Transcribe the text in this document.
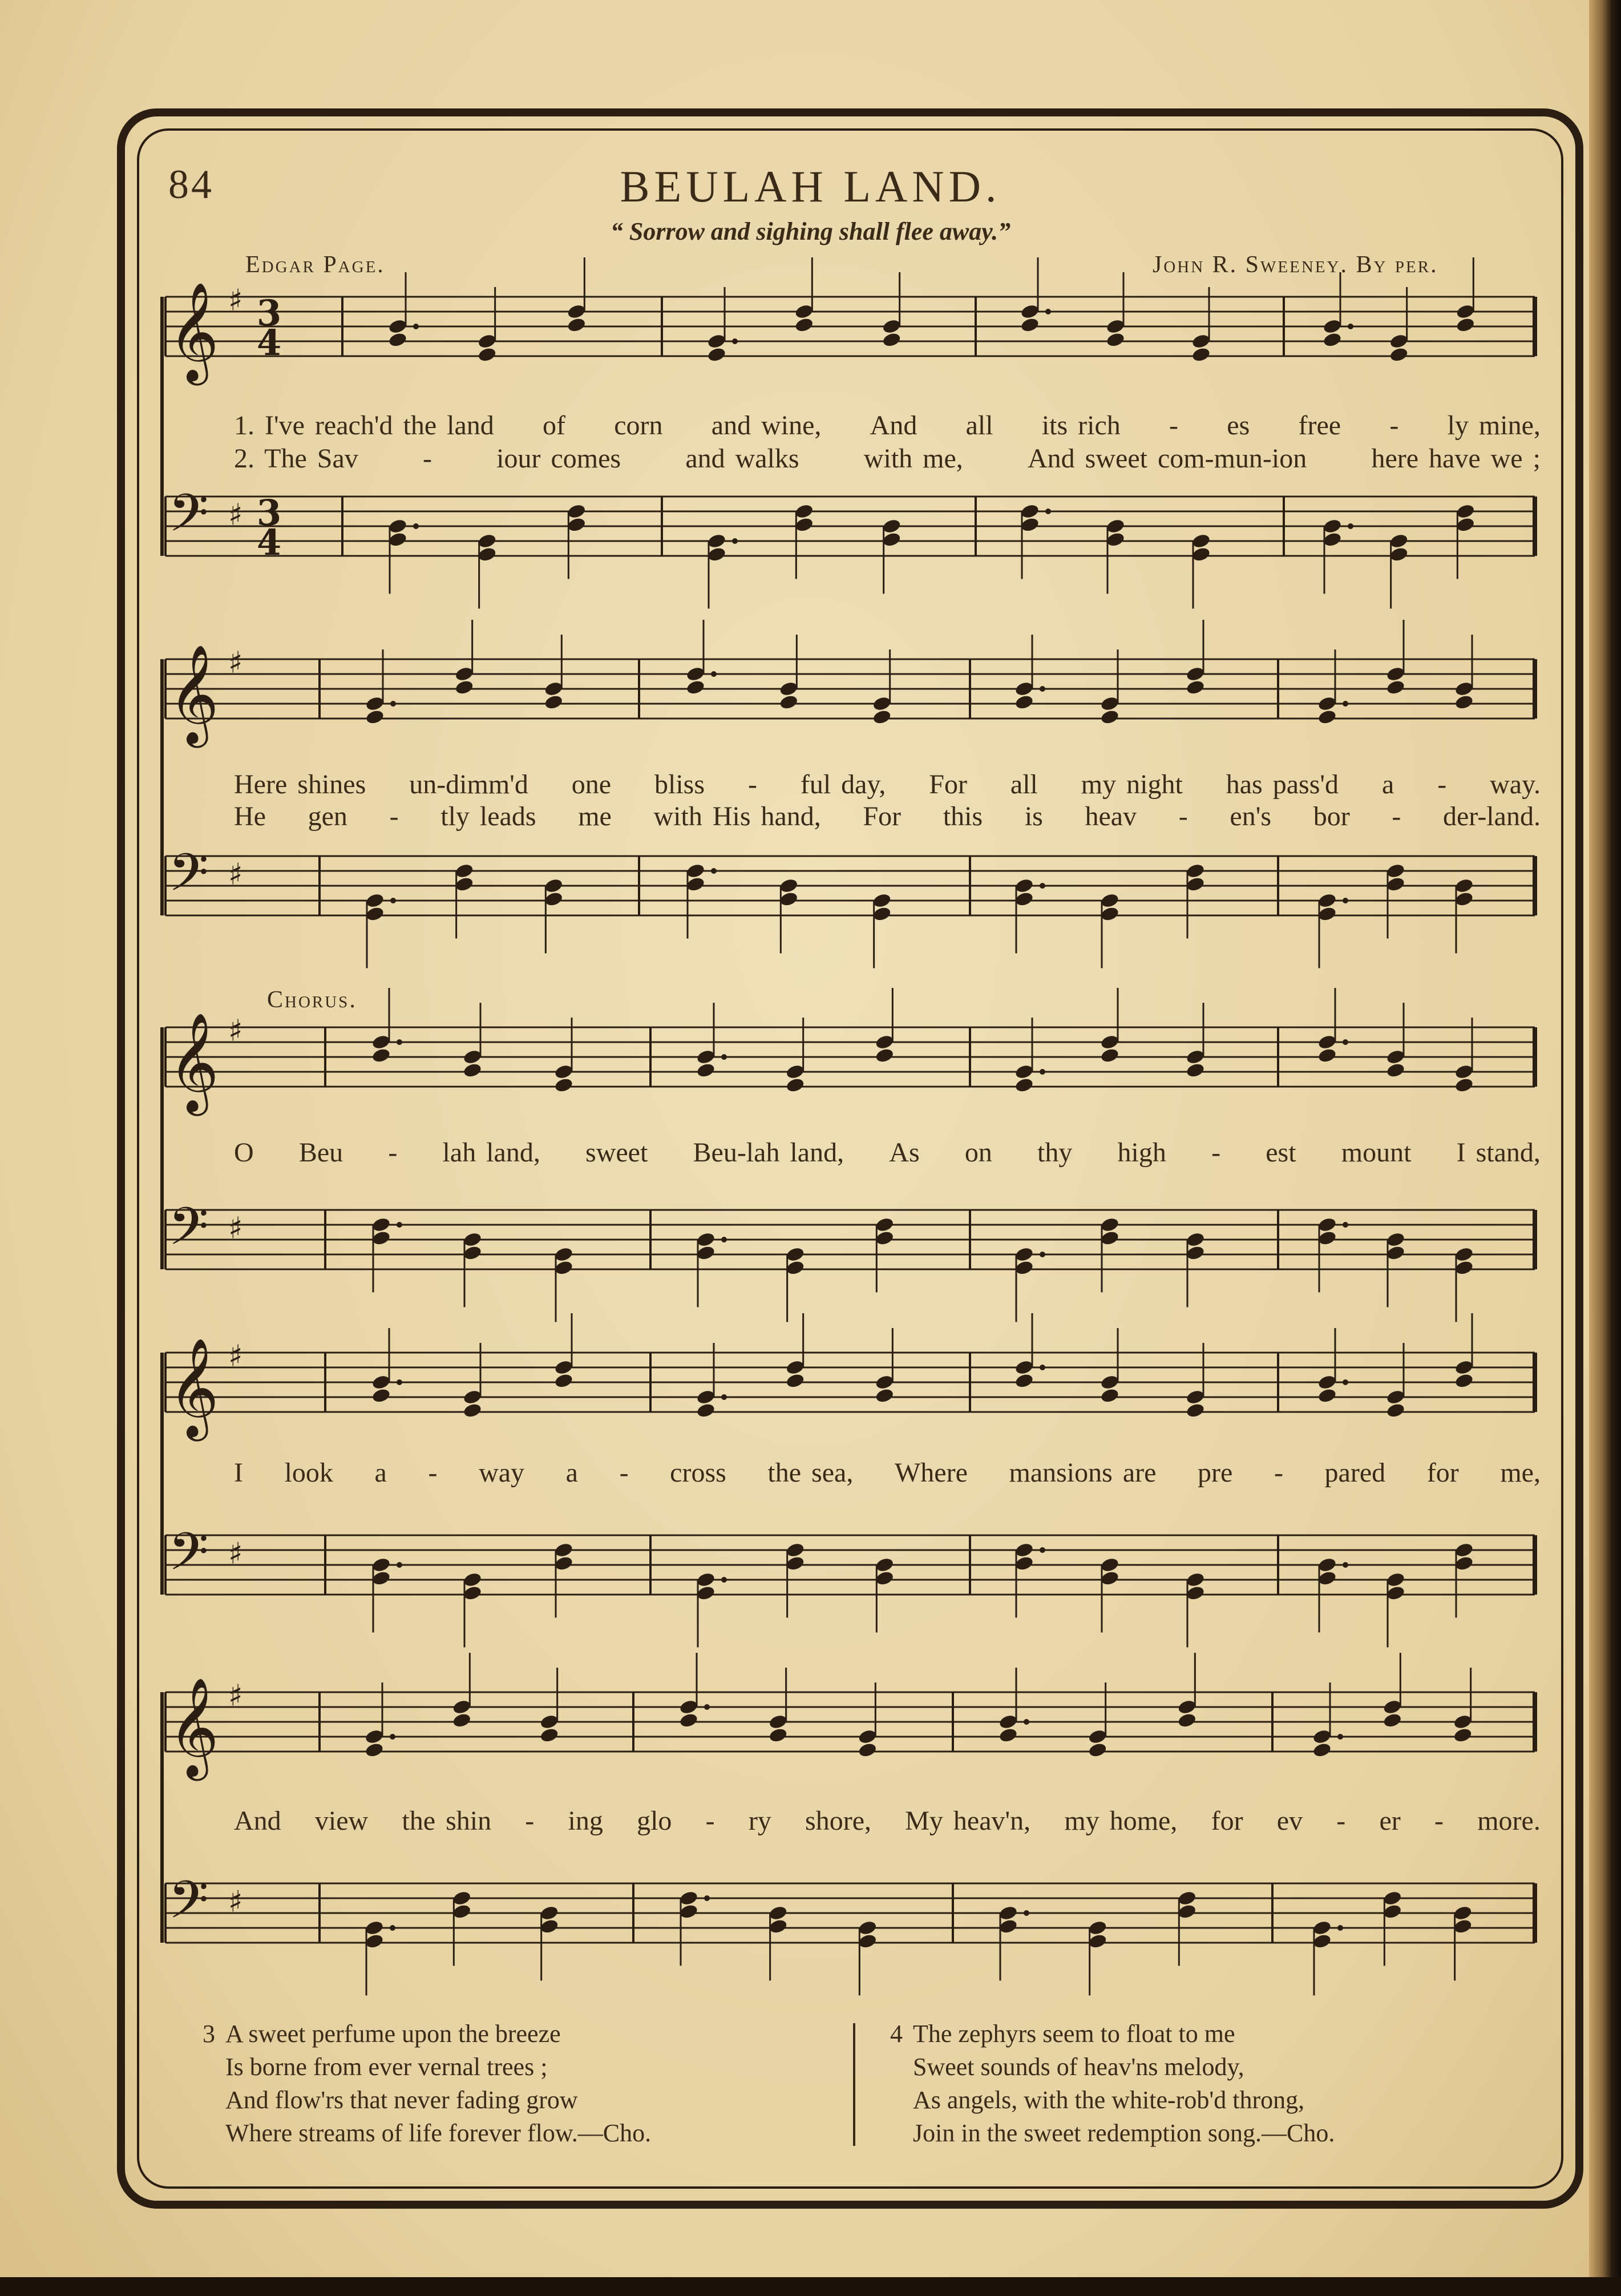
84	BEULAH LAND.
“ Sorrow and sighing shall flee away.”
Edgar Page.	John R. Sweeney. By per.
Chorus.
𝄞 ♯ 3
4
𝄢 ♯ 3
4
𝄞 ♯
𝄢 ♯
𝄞 ♯
𝄢 ♯
𝄞 ♯
𝄢 ♯
𝄞 ♯
𝄢 ♯
1. I've reach'd the land of corn and wine, And all its rich - es free - ly mine,
2. The Sav - iour comes and walks with me, And sweet com-mun-ion here have we ;
Here shines un-dimm'd one bliss - ful day, For all my night has pass'd a - way.
He gen - tly leads me with His hand, For this is heav - en's bor - der-land.
O Beu - lah land, sweet Beu-lah land, As on thy high - est mount I stand,
I look a - way a - cross the sea, Where mansions are pre - pared for me,
And view the shin - ing glo - ry shore, My heav'n, my home, for ev - er - more.
3 A sweet perfume upon the breeze
Is borne from ever vernal trees ;
And flow'rs that never fading grow
Where streams of life forever flow.—Cho.
4 The zephyrs seem to float to me
Sweet sounds of heav'ns melody,
As angels, with the white-rob'd throng,
Join in the sweet redemption song.—Cho.
